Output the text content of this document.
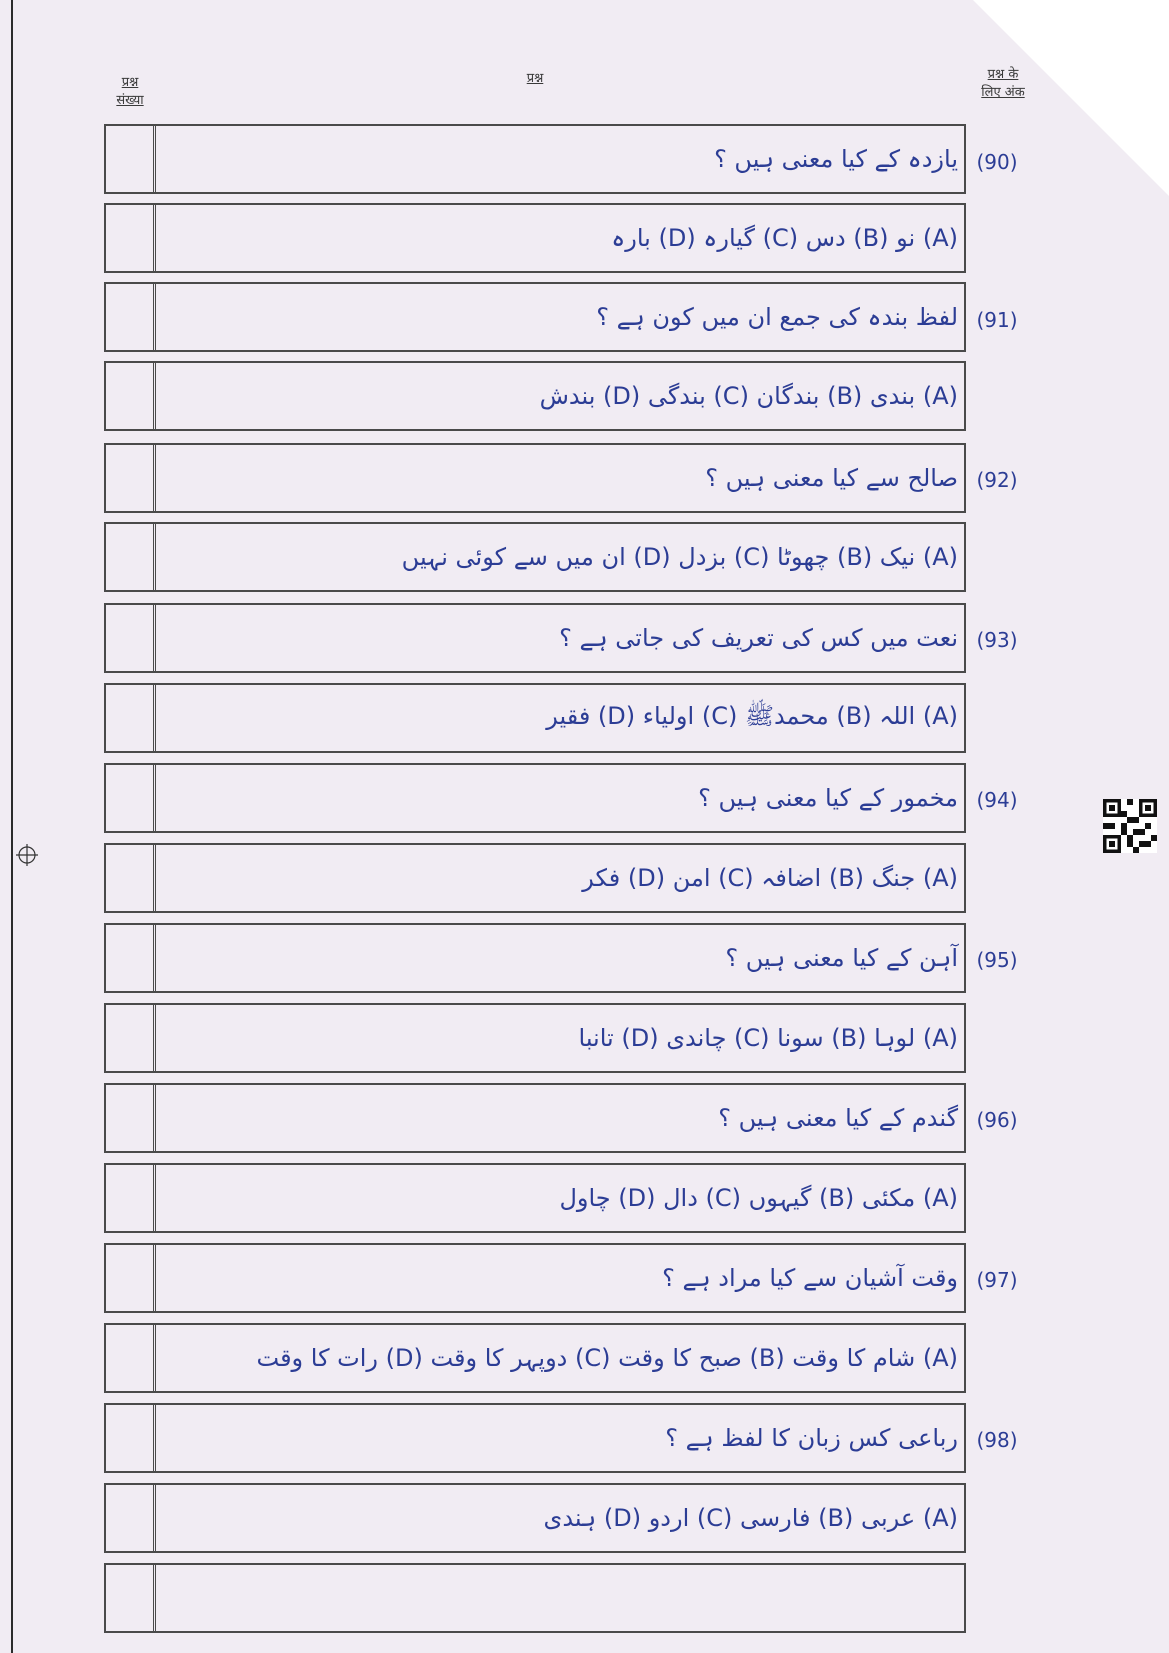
प्रश्न
संख्या
प्रश्न	प्रश्न के
लिए अंक
یازدہ کے کیا معنی ہیں ؟ (90)
(A) نو (B) دس (C) گیارہ (D) بارہ
لفظ بندہ کی جمع ان میں کون ہے ؟ (91)
(A) بندی (B) بندگان (C) بندگی (D) بندش
صالح سے کیا معنی ہیں ؟ (92)
(A) نیک (B) چھوٹا (C) بزدل (D) ان میں سے کوئی نہیں
نعت میں کس کی تعریف کی جاتی ہے ؟ (93)
(A) اللہ (B) محمدﷺ (C) اولیاء (D) فقیر
مخمور کے کیا معنی ہیں ؟ (94)
(A) جنگ (B) اضافہ (C) امن (D) فکر
آہن کے کیا معنی ہیں ؟ (95)
(A) لوہا (B) سونا (C) چاندی (D) تانبا
گندم کے کیا معنی ہیں ؟ (96)
(A) مکئی (B) گیہوں (C) دال (D) چاول
وقت آشیان سے کیا مراد ہے ؟ (97)
(A) شام کا وقت (B) صبح کا وقت (C) دوپہر کا وقت (D) رات کا وقت
رباعی کس زبان کا لفظ ہے ؟ (98)
(A) عربی (B) فارسی (C) اردو (D) ہندی
